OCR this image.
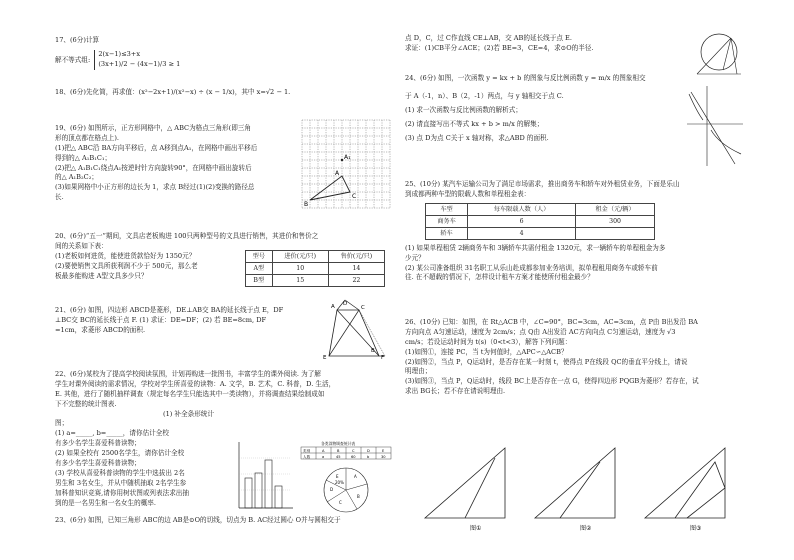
17、(6分)计算

解不等式组:
2(x−1)≤3+x
(3x+1)/2 − (4x−1)/3 ≥ 1

18、(6分)先化简，再求值：(x²−2x+1)/(x²−x) ÷ (x − 1/x)，其中 x=√2 − 1.

19、(6分) 如图所示，正方形网格中，△ ABC为格点三角形(即三角

形的顶点都在格点上).

(1)把△ ABC沿 BA方向平移后，点 A移到点A₁，在网格中画出平移后

得到的△ A₁B₁C₁；

(2)把△ A₁B₁C₁绕点A₁按逆时针方向旋转90°，在网格中画出旋转后

的△ A₁B₂C₂；

(3)如果网格中小正方形的边长为 1，求点 B经过(1)(2)变换的路径总

长.

A
A₁
B
C

20、(6分)“五一”期间，文具店老板购进 100只两种型号的文具进行销售，其进价和售价之

间的关系如下表：

(1)老板如何进货，能使进货款恰好为 1350元？

(2)要使销售文具所获利润不少于 500元，那么老

板最多能购进 A型文具多少只？

型号	进价(元/只)	售价(元/只)
A型	10	14
B型	15	22

21、(6分) 如图，四边形 ABCD是菱形，DE⊥AB交 BA的延长线于点 E，DF

⊥BC交 BC的延长线于点 F. (1) 求证：DE=DF；(2) 若 BE=8cm, DF

=1cm，求菱形 ABCD的面积.

E
A D
F
C
B

22、(6分)某校为了提高学校阅读氛围，计划再购进一批图书，丰富学生的课外阅读. 为了解

学生对课外阅读的需求情况，学校对学生所喜爱的读物：A. 文学，B. 艺术，C. 科普，D. 生活，

E. 其他，进行了随机抽样调查（规定每名学生只能选其中一类读物），并将调查结果绘制成如

下不完整的统计图表.

(1) 补全条形统计

图；

(1) a=_____, b=_____，请你估计全校

有多少名学生喜爱科普读物；

(2) 如果全校有 2500名学生，请你估计全校

有多少名学生喜爱科普读物；

(3) 学校从喜爱科普读物的学生中选拔出 2名

男生和 3名女生，并从中随机抽取 2名学生参

加科普知识竞赛,请你用树状图或列表法求出抽

到的是一名男生和一名女生的概率.

各类读物调查统计表
类别	A	B	C	D	E
人数	a	45	60	b	30
A
B
C
D
E
20%

23、(6分) 如图，已知三角形 ABC的边 AB是⊙O的切线，切点为 B. AC经过圆心 O并与圆相交于

点 D，C，过 C作直线 CE⊥AB，交 AB的延长线于点 E.

求证：(1)CB平分∠ACE；(2)若 BE=3，CE=4，求⊙O的半径.

24、(6分) 如图，一次函数 y = kx + b 的图象与反比例函数 y = m/x 的图象相交

于 A（-1，n）、B（2，-1）两点，与 y 轴相交于点 C.

(1) 求一次函数与反比例函数的解析式；

(2) 请直接写出不等式 kx + b > m/x 的解集；

(3) 点 D为点 C关于 x 轴对称，求△ABD 的面积.

25、(10分) 某汽车运输公司为了满足市场需求，推出商务车和轿车对外租赁业务，下面是乐山

到成都两种车型的限载人数和单程租金表：

(1) 如果单程租赁 2辆商务车和 3辆轿车共需付租金 1320元，求一辆轿车的单程租金为多

少元？

(2) 某公司准备组织 31名职工从乐山赴成都参加业务培训，拟单程租用商务车或轿车前

往. 在不超载的情况下，怎样设计租车方案才能使所付租金最少？

车型	每车限载人数（人）	租金（元/辆）
商务车	6	300
轿车	4	

26、(10分) 已知：如图，在 Rt△ACB 中，∠C=90°，BC=3cm，AC=3cm，点 P由 B出发沿 BA

方向向点 A匀速运动，速度为 2cm/s；点 Q由 A出发沿 AC方向向点 C匀速运动，速度为 √3

cm/s；若设运动时间为 t(s)（0<t<3），解答下列问题：

(1)如图①，连接 PC，当 t为何值时，△APC∽△ACB？

(2)如图②，当点 P，Q运动时，是否存在某一时刻 t，使得点 P在线段 QC的垂直平分线上，请说

明理由；

(3)如图③，当点 P，Q运动时，线段 BC上是否存在一点 G，使得四边形 PQGB为菱形？若存在，试

求出 BG长；若不存在请说明理由.

图①	图②	图③
